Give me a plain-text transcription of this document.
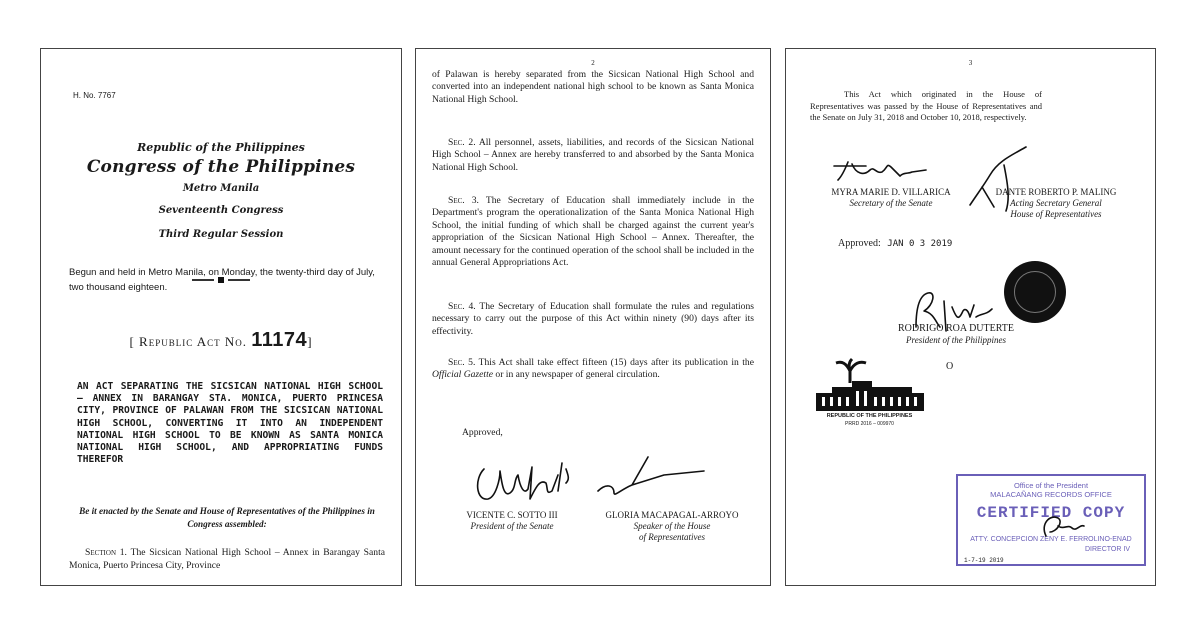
H. No. 7767
Republic of the Philippines
Congress of the Philippines
Metro Manila
Seventeenth Congress
Third Regular Session
Begun and held in Metro Manila, on Monday, the twenty-third day of July, two thousand eighteen.
[ Republic Act No. 11174]
AN ACT SEPARATING THE SICSICAN NATIONAL HIGH SCHOOL – ANNEX IN BARANGAY STA. MONICA, PUERTO PRINCESA CITY, PROVINCE OF PALAWAN FROM THE SICSICAN NATIONAL HIGH SCHOOL, CONVERTING IT INTO AN INDEPENDENT NATIONAL HIGH SCHOOL TO BE KNOWN AS SANTA MONICA NATIONAL HIGH SCHOOL, AND APPROPRIATING FUNDS THEREFOR
Be it enacted by the Senate and House of Representatives of the Philippines in Congress assembled:
Section 1. The Sicsican National High School – Annex in Barangay Santa Monica, Puerto Princesa City, Province
2
of Palawan is hereby separated from the Sicsican National High School and converted into an independent national high school to be known as Santa Monica National High School.
Sec. 2. All personnel, assets, liabilities, and records of the Sicsican National High School – Annex are hereby transferred to and absorbed by the Santa Monica National High School.
Sec. 3. The Secretary of Education shall immediately include in the Department's program the operationalization of the Santa Monica National High School, the initial funding of which shall be charged against the current year's appropriation of the Sicsican National High School – Annex. Thereafter, the amount necessary for the continued operation of the school shall be included in the annual General Appropriations Act.
Sec. 4. The Secretary of Education shall formulate the rules and regulations necessary to carry out the purpose of this Act within ninety (90) days after its effectivity.
Sec. 5. This Act shall take effect fifteen (15) days after its publication in the Official Gazette or in any newspaper of general circulation.
Approved,
VICENTE C. SOTTO III
President of the Senate
GLORIA MACAPAGAL-ARROYO
Speaker of the House
of Representatives
3
This Act which originated in the House of Representatives was passed by the House of Representatives and the Senate on July 31, 2018 and October 10, 2018, respectively.
MYRA MARIE D. VILLARICA
Secretary of the Senate
DANTE ROBERTO P. MALING
Acting Secretary General
House of Representatives
Approved: JAN 0 3 2019
RODRIGO ROA DUTERTE
President of the Philippines
O
REPUBLIC OF THE PHILIPPINES
PRRD 2016 – 009970
Office of the President
MALACAÑANG RECORDS OFFICE
CERTIFIED COPY
ATTY. CONCEPCION ZENY E. FERROLINO-ENAD
DIRECTOR IV
1-7-19 2019
